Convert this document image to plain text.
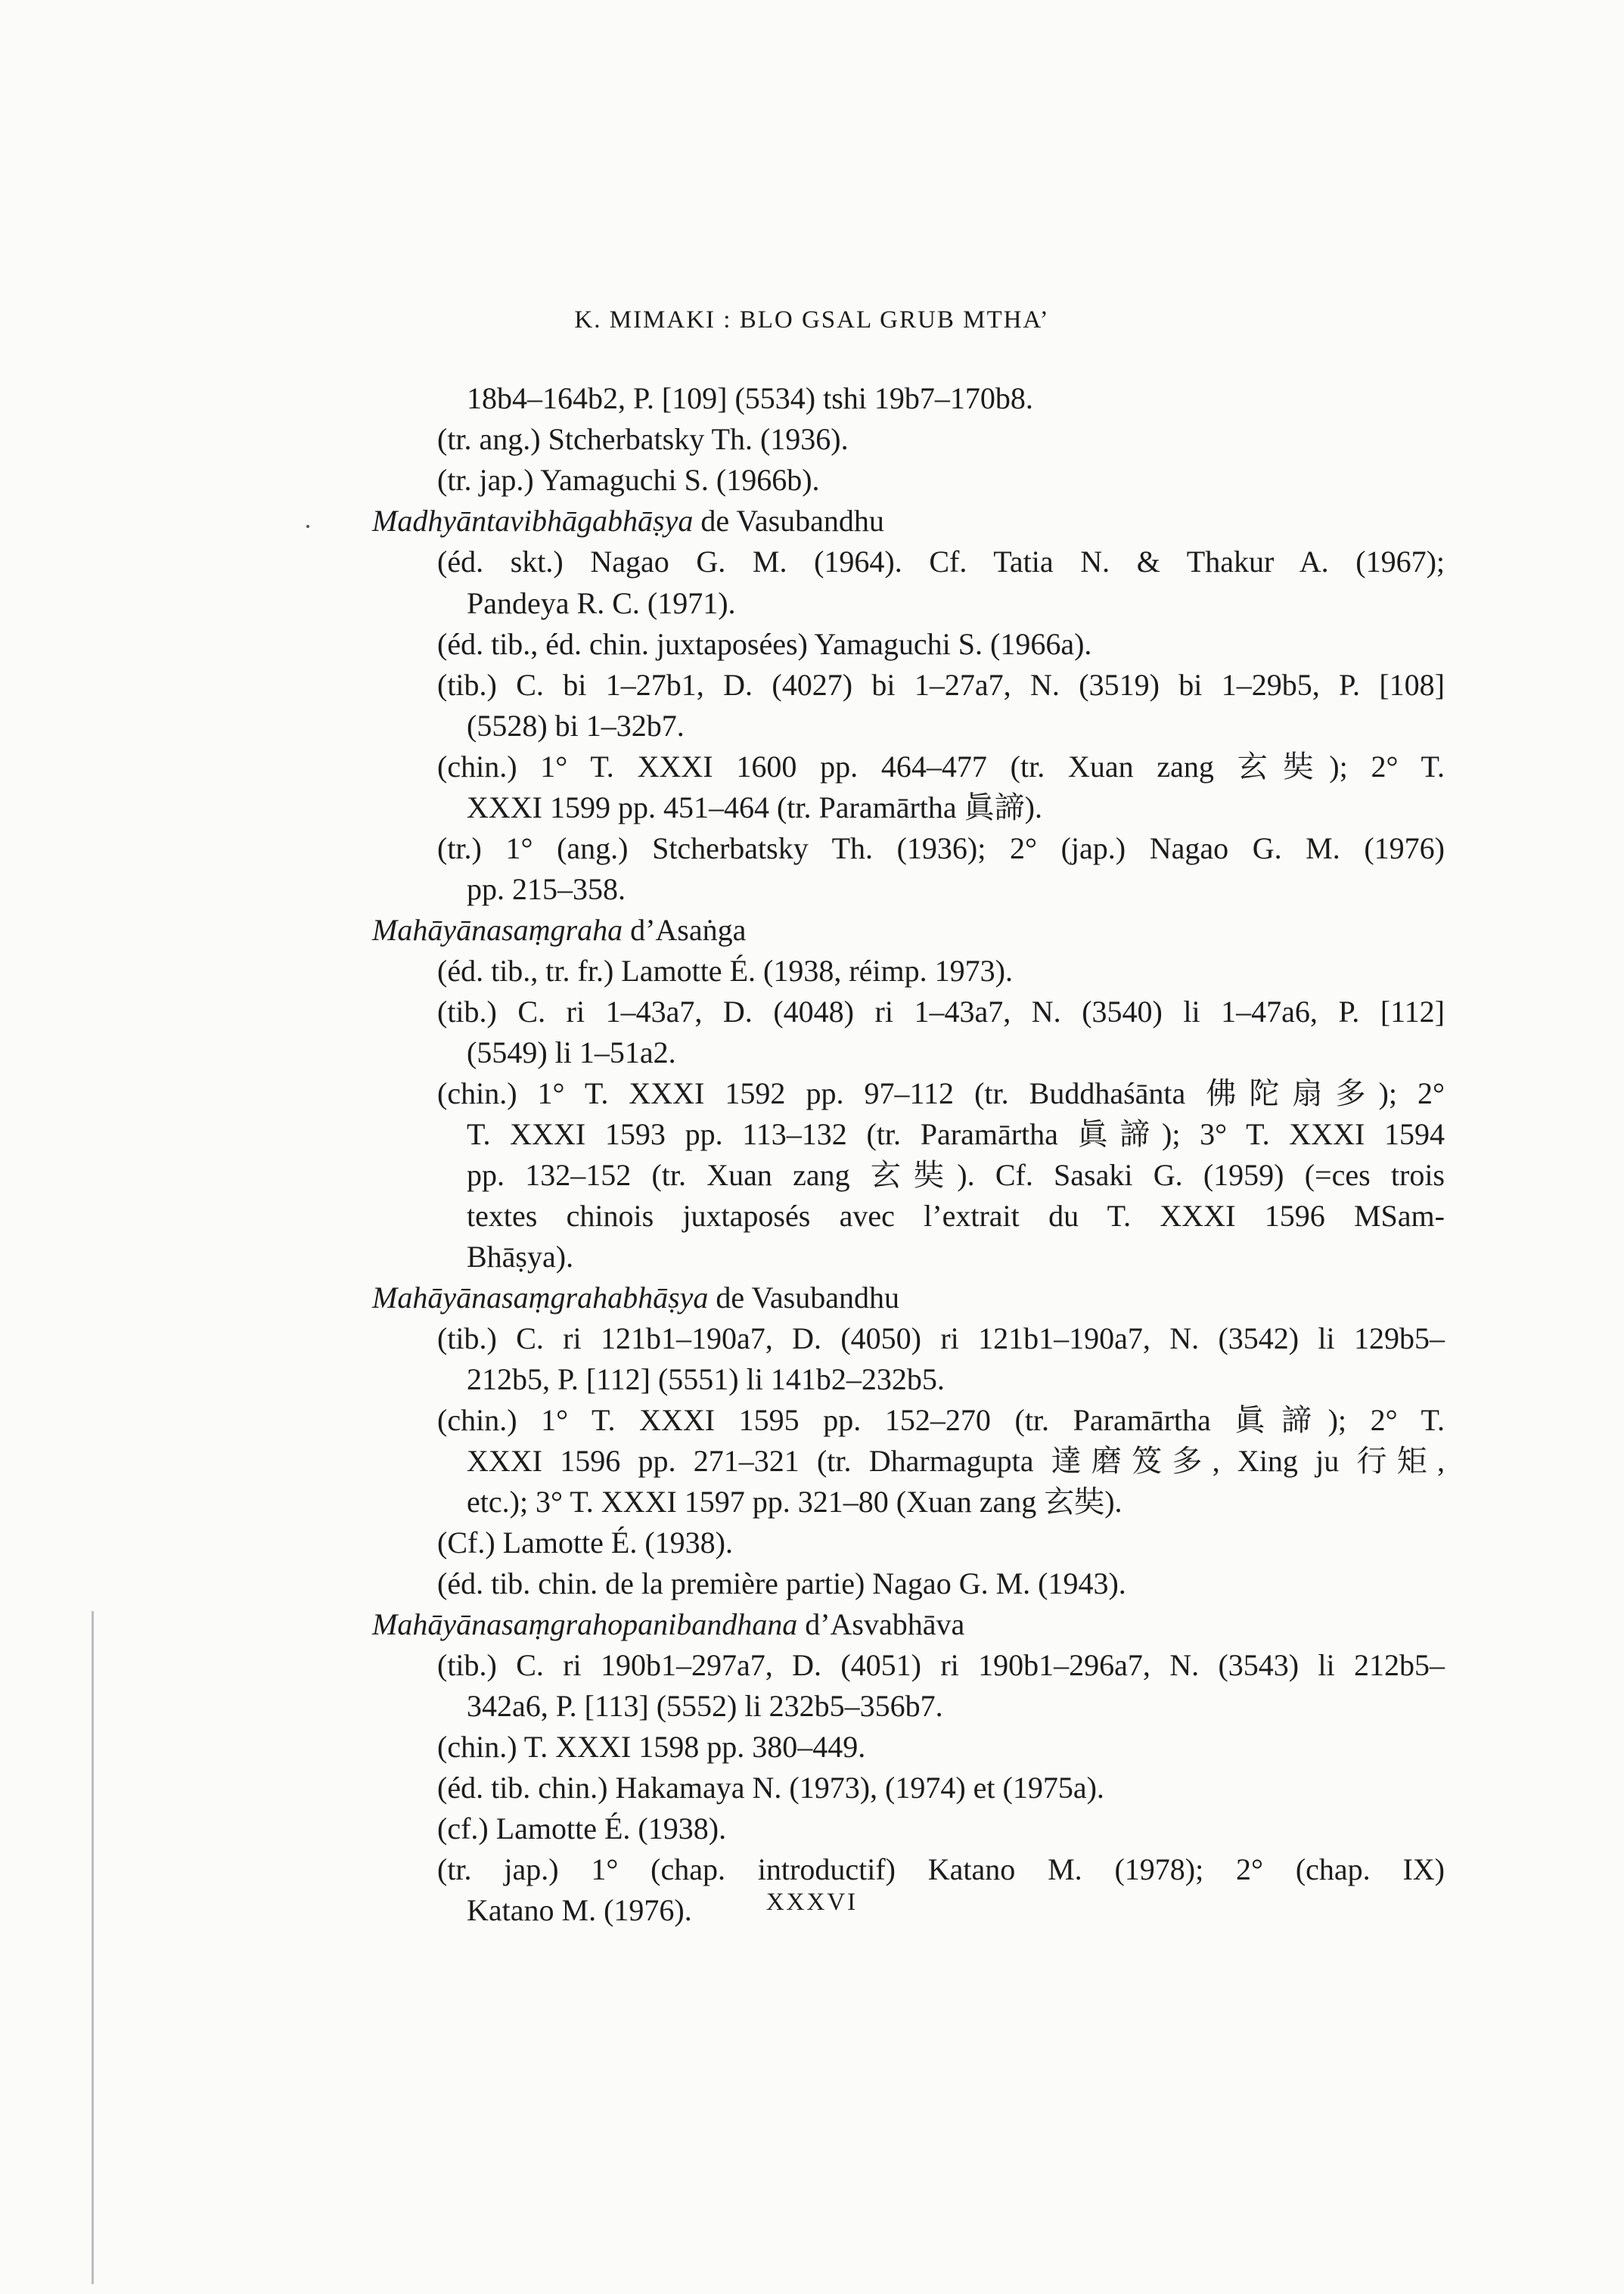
K. MIMAKI : BLO GSAL GRUB MTHA’
18b4–164b2, P. [109] (5534) tshi 19b7–170b8.
(tr. ang.) Stcherbatsky Th. (1936).
(tr. jap.) Yamaguchi S. (1966b).
Madhyāntavibhāgabhāṣya de Vasubandhu
(éd. skt.) Nagao G. M. (1964). Cf. Tatia N. & Thakur A. (1967);
Pandeya R. C. (1971).
(éd. tib., éd. chin. juxtaposées) Yamaguchi S. (1966a).
(tib.) C. bi 1–27b1, D. (4027) bi 1–27a7, N. (3519) bi 1–29b5, P. [108]
(5528) bi 1–32b7.
(chin.) 1° T. XXXI 1600 pp. 464–477 (tr. Xuan zang 玄奘); 2° T.
XXXI 1599 pp. 451–464 (tr. Paramārtha 眞諦).
(tr.) 1° (ang.) Stcherbatsky Th. (1936); 2° (jap.) Nagao G. M. (1976)
pp. 215–358.
Mahāyānasaṃgraha d’Asaṅga
(éd. tib., tr. fr.) Lamotte É. (1938, réimp. 1973).
(tib.) C. ri 1–43a7, D. (4048) ri 1–43a7, N. (3540) li 1–47a6, P. [112]
(5549) li 1–51a2.
(chin.) 1° T. XXXI 1592 pp. 97–112 (tr. Buddhaśānta 佛陀扇多); 2°
T. XXXI 1593 pp. 113–132 (tr. Paramārtha 眞諦); 3° T. XXXI 1594
pp. 132–152 (tr. Xuan zang 玄奘). Cf. Sasaki G. (1959) (=ces trois
textes chinois juxtaposés avec l’extrait du T. XXXI 1596 MSam-
Bhāṣya).
Mahāyānasaṃgrahabhāṣya de Vasubandhu
(tib.) C. ri 121b1–190a7, D. (4050) ri 121b1–190a7, N. (3542) li 129b5–
212b5, P. [112] (5551) li 141b2–232b5.
(chin.) 1° T. XXXI 1595 pp. 152–270 (tr. Paramārtha 眞諦); 2° T.
XXXI 1596 pp. 271–321 (tr. Dharmagupta 達磨笈多, Xing ju 行矩,
etc.); 3° T. XXXI 1597 pp. 321–80 (Xuan zang 玄奘).
(Cf.) Lamotte É. (1938).
(éd. tib. chin. de la première partie) Nagao G. M. (1943).
Mahāyānasaṃgrahopanibandhana d’Asvabhāva
(tib.) C. ri 190b1–297a7, D. (4051) ri 190b1–296a7, N. (3543) li 212b5–
342a6, P. [113] (5552) li 232b5–356b7.
(chin.) T. XXXI 1598 pp. 380–449.
(éd. tib. chin.) Hakamaya N. (1973), (1974) et (1975a).
(cf.) Lamotte É. (1938).
(tr. jap.) 1° (chap. introductif) Katano M. (1978); 2° (chap. IX)
Katano M. (1976).	XXXVI
